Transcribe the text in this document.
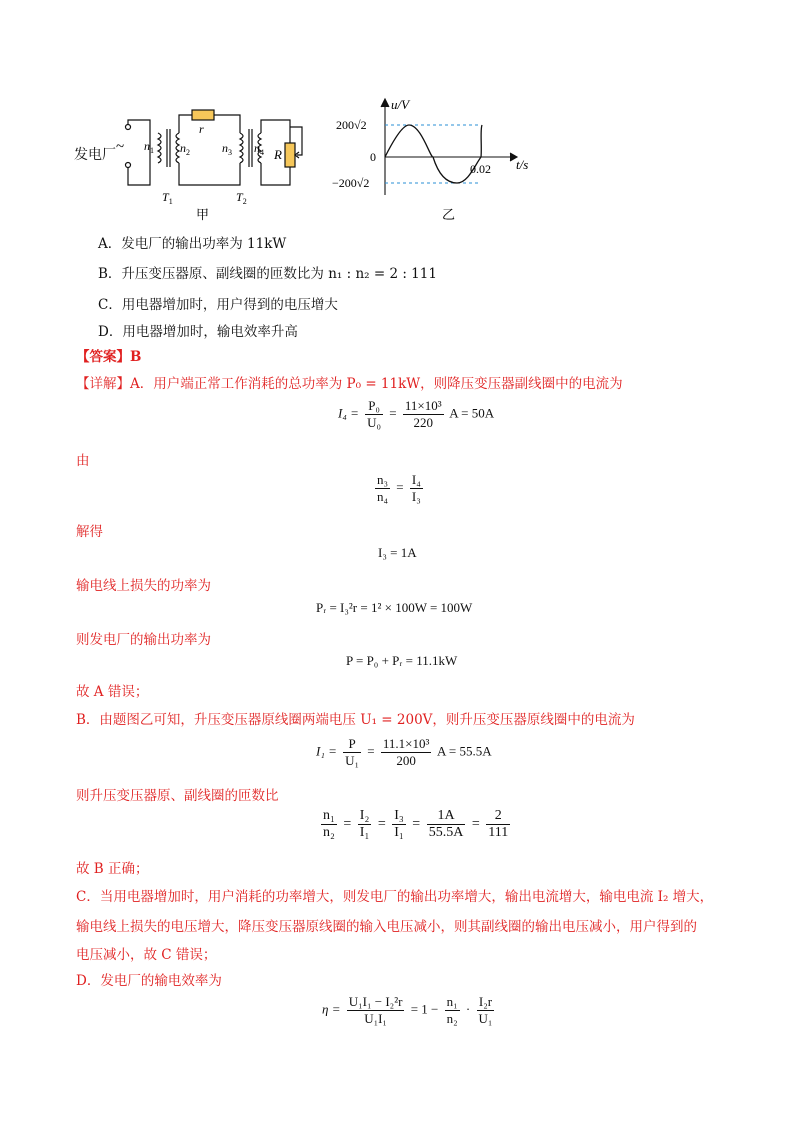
~ $n_1$ $n_2$
r
$n_3$ $n_4$ R
$T_1$	$T_2$
甲
发电厂
u/V
t/s
200√2
0
−200√2
0.02
乙
A．发电厂的输出功率为 11kW
B．升压变压器原、副线圈的匝数比为 n₁ : n₂ = 2 : 111
C．用电器增加时，用户得到的电压增大
D．用电器增加时，输电效率升高
【答案】B
【详解】A．用户端正常工作消耗的总功率为 P₀ = 11kW，则降压变压器副线圈中的电流为
$I_4 = \frac{\text{P₀}}{\text{U₀}} = \frac{\text{11×10³}}{220}$ A = 50A
由
$\frac{\text{n₃}}{\text{n₄}} = \frac{\text{I₄}}{\text{I₃}}$
解得
I₃ = 1A
输电线上损失的功率为
Pᵣ = I₃²r = 1² × 100W = 100W
则发电厂的输出功率为
P = P₀ + Pᵣ = 11.1kW
故 A 错误；
B．由题图乙可知，升压变压器原线圈两端电压 U₁ = 200V，则升压变压器原线圈中的电流为
$I_1 = \frac{P}{\text{U₁}} = \frac{\text{11.1×10³}}{200}$ A = 55.5A
则升压变压器原、副线圈的匝数比
$\frac{\text{n₁}}{\text{n₂}} = \frac{\text{I₂}}{\text{I₁}} = \frac{\text{I₃}}{\text{I₁}} = \frac{1A}{55.5A} = \frac{2}{111}$
故 B 正确；
C．当用电器增加时，用户消耗的功率增大，则发电厂的输出功率增大，输出电流增大，输电电流 I₂ 增大，
输电线上损失的电压增大，降压变压器原线圈的输入电压减小，则其副线圈的输出电压减小，用户得到的
电压减小，故 C 错误；
D．发电厂的输电效率为
$\eta = \frac{\text{U₁I₁ − I₂²r}}{\text{U₁I₁}} = 1 - \frac{\text{n₁}}{\text{n₂}} \cdot \frac{\text{I₂r}}{\text{U₁}}$
